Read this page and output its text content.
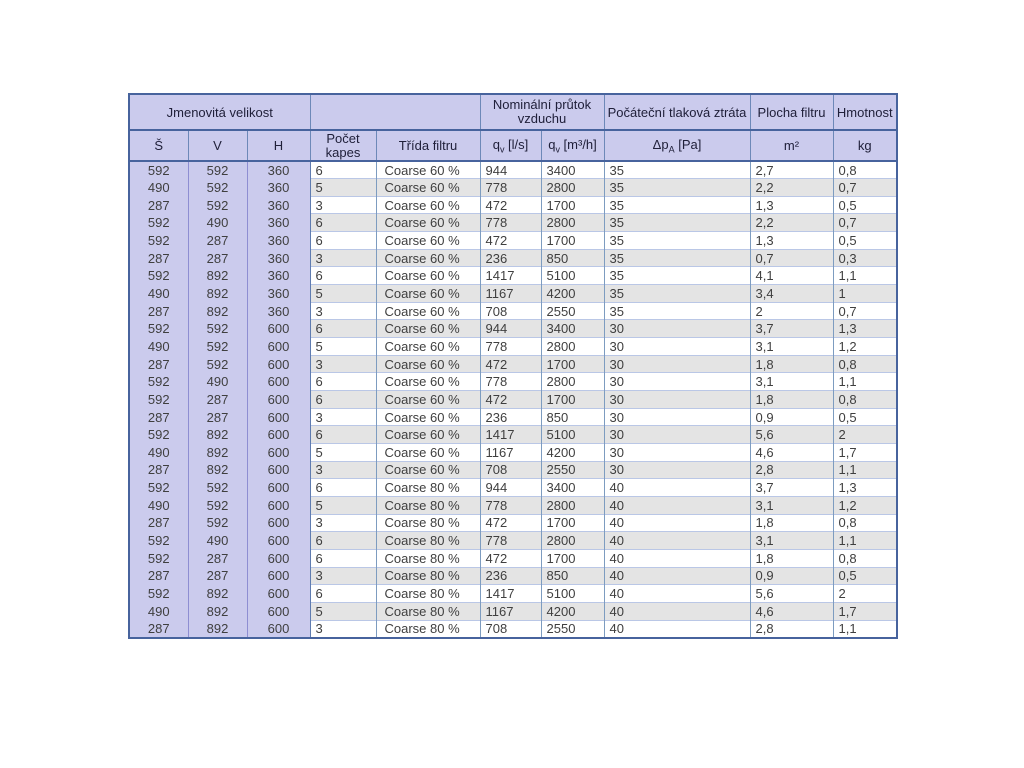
Jmenovitá velikost					Nominální průtok vzduchu		Počáteční tlaková ztráta	Plocha filtru	Hmotnost
Š	V	H	Počet kapes	Třída filtru	$q_v$ [l/s]	$q_v$ [m³/h]	$\Delta p_A$ [Pa]	m²	kg
592	592	360	6	Coarse 60 %	944	3400	35	2,7	0,8
490	592	360	5	Coarse 60 %	778	2800	35	2,2	0,7
287	592	360	3	Coarse 60 %	472	1700	35	1,3	0,5
592	490	360	6	Coarse 60 %	778	2800	35	2,2	0,7
592	287	360	6	Coarse 60 %	472	1700	35	1,3	0,5
287	287	360	3	Coarse 60 %	236	850	35	0,7	0,3
592	892	360	6	Coarse 60 %	1417	5100	35	4,1	1,1
490	892	360	5	Coarse 60 %	1167	4200	35	3,4	1
287	892	360	3	Coarse 60 %	708	2550	35	2	0,7
592	592	600	6	Coarse 60 %	944	3400	30	3,7	1,3
490	592	600	5	Coarse 60 %	778	2800	30	3,1	1,2
287	592	600	3	Coarse 60 %	472	1700	30	1,8	0,8
592	490	600	6	Coarse 60 %	778	2800	30	3,1	1,1
592	287	600	6	Coarse 60 %	472	1700	30	1,8	0,8
287	287	600	3	Coarse 60 %	236	850	30	0,9	0,5
592	892	600	6	Coarse 60 %	1417	5100	30	5,6	2
490	892	600	5	Coarse 60 %	1167	4200	30	4,6	1,7
287	892	600	3	Coarse 60 %	708	2550	30	2,8	1,1
592	592	600	6	Coarse 80 %	944	3400	40	3,7	1,3
490	592	600	5	Coarse 80 %	778	2800	40	3,1	1,2
287	592	600	3	Coarse 80 %	472	1700	40	1,8	0,8
592	490	600	6	Coarse 80 %	778	2800	40	3,1	1,1
592	287	600	6	Coarse 80 %	472	1700	40	1,8	0,8
287	287	600	3	Coarse 80 %	236	850	40	0,9	0,5
592	892	600	6	Coarse 80 %	1417	5100	40	5,6	2
490	892	600	5	Coarse 80 %	1167	4200	40	4,6	1,7
287	892	600	3	Coarse 80 %	708	2550	40	2,8	1,1
